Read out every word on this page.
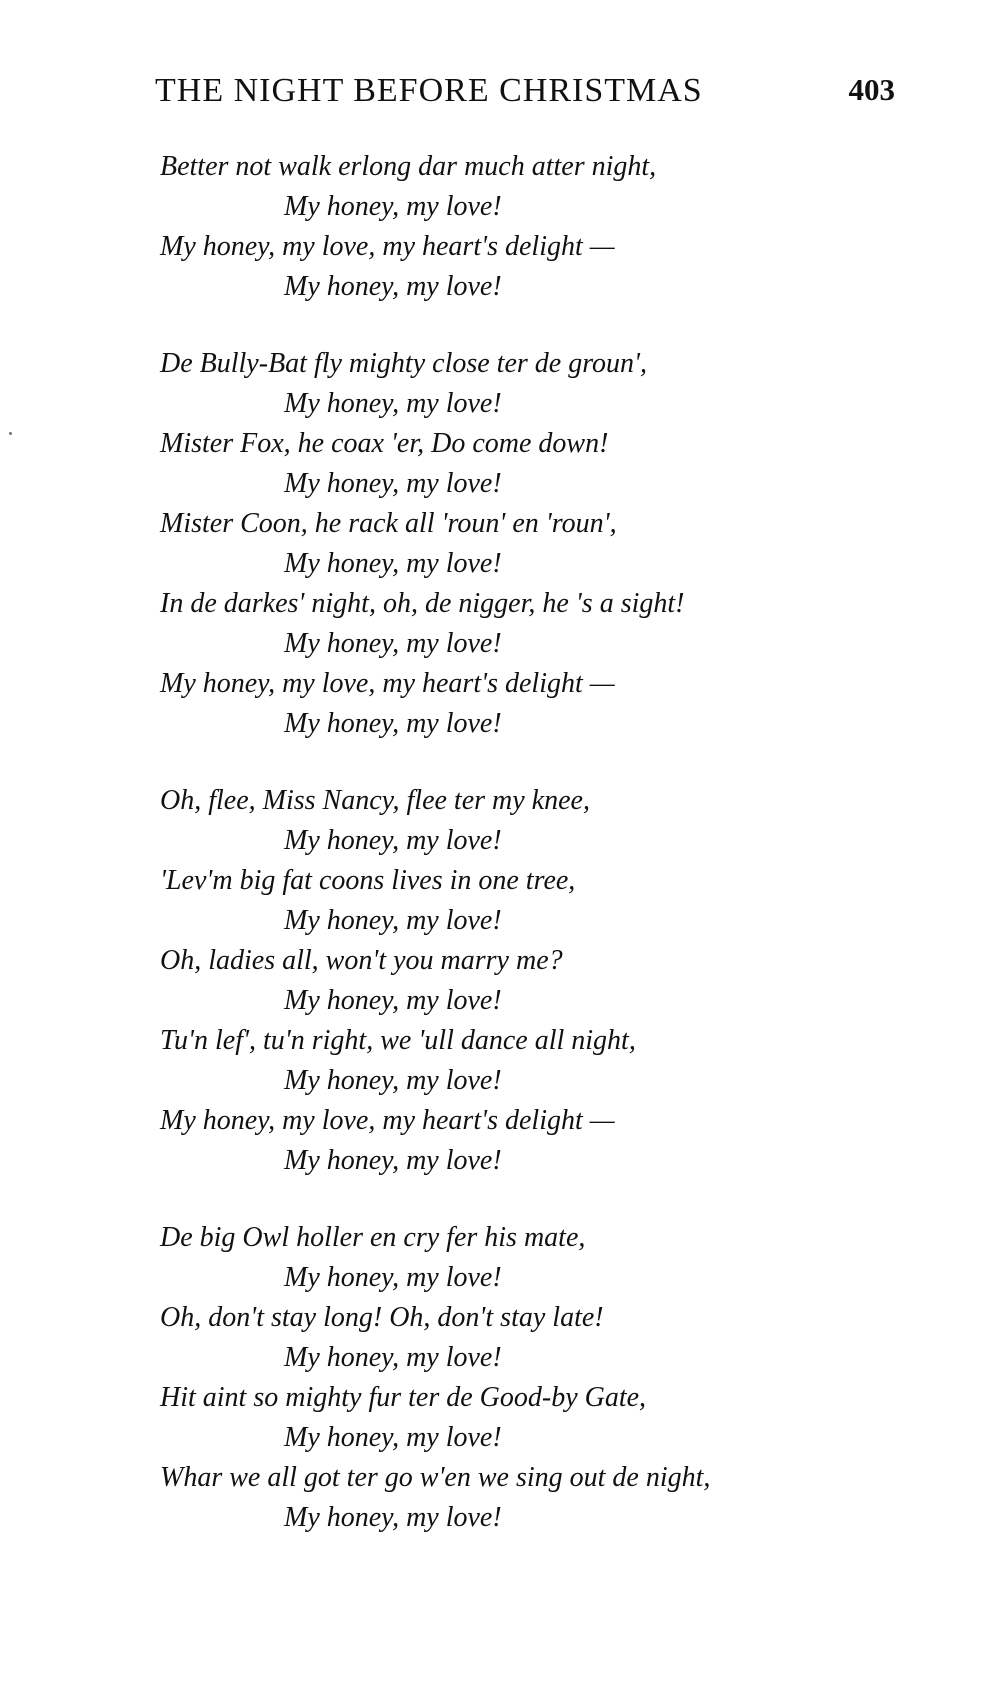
THE NIGHT BEFORE CHRISTMAS	403
Better not walk erlong dar much atter night,
My honey, my love!
My honey, my love, my heart's delight —
My honey, my love!
De Bully-Bat fly mighty close ter de groun',
My honey, my love!
Mister Fox, he coax 'er, Do come down!
My honey, my love!
Mister Coon, he rack all 'roun' en 'roun',
My honey, my love!
In de darkes' night, oh, de nigger, he 's a sight!
My honey, my love!
My honey, my love, my heart's delight —
My honey, my love!
Oh, flee, Miss Nancy, flee ter my knee,
My honey, my love!
'Lev'm big fat coons lives in one tree,
My honey, my love!
Oh, ladies all, won't you marry me?
My honey, my love!
Tu'n lef', tu'n right, we 'ull dance all night,
My honey, my love!
My honey, my love, my heart's delight —
My honey, my love!
De big Owl holler en cry fer his mate,
My honey, my love!
Oh, don't stay long! Oh, don't stay late!
My honey, my love!
Hit aint so mighty fur ter de Good-by Gate,
My honey, my love!
Whar we all got ter go w'en we sing out de night,
My honey, my love!
